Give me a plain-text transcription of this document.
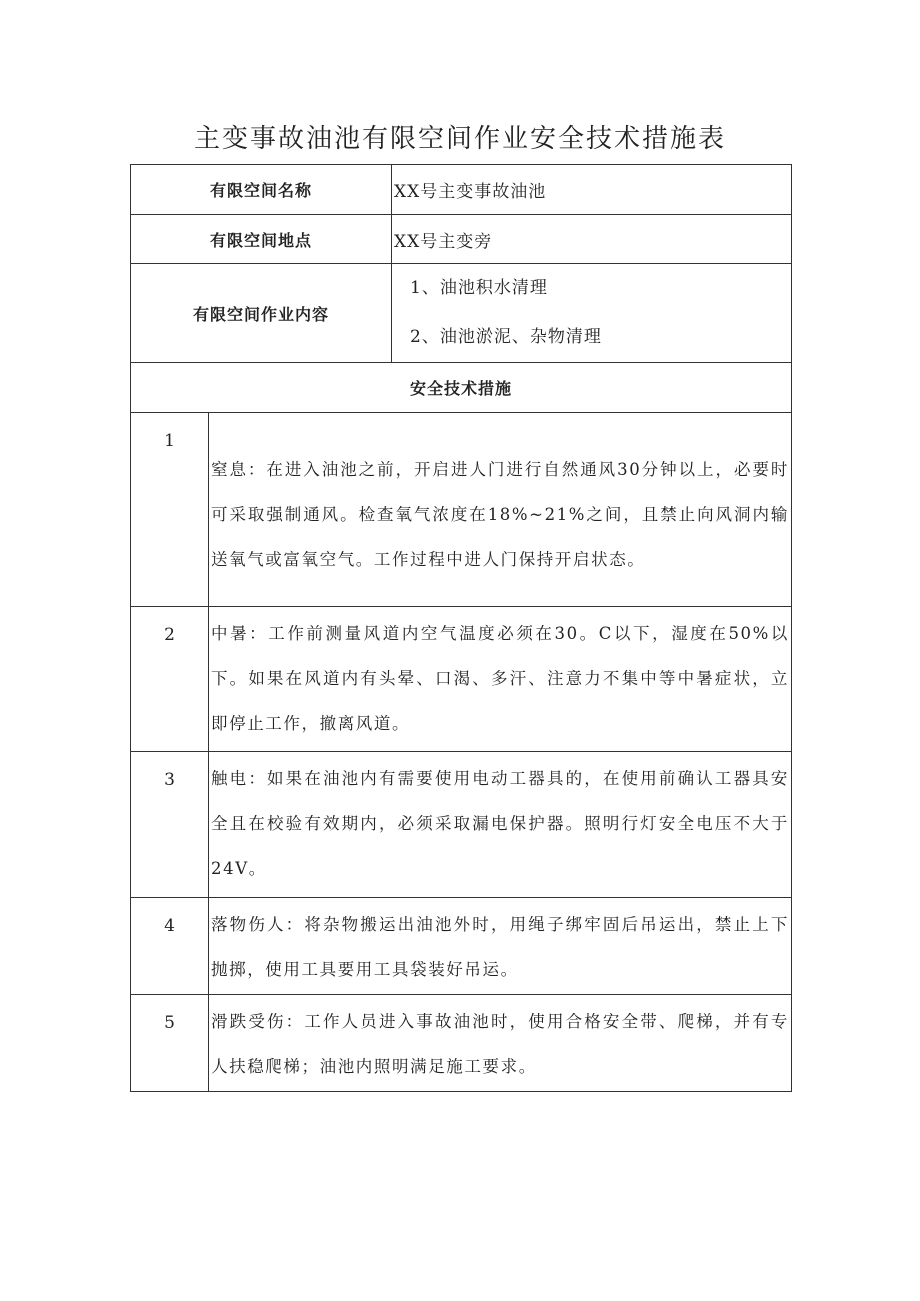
主变事故油池有限空间作业安全技术措施表
有限空间名称		XX号主变事故油池
有限空间地点		XX号主变旁
有限空间作业内容		1、油池积水清理
2、油池淤泥、杂物清理

安全技术措施		
1	窒息：在进入油池之前，开启进人门进行自然通风30分钟以上，必要时可采取强制通风。检查氧气浓度在18%~21%之间，且禁止向风洞内输送氧气或富氧空气。工作过程中进人门保持开启状态。	
2	中暑：工作前测量风道内空气温度必须在30。C以下，湿度在50%以下。如果在风道内有头晕、口渴、多汗、注意力不集中等中暑症状，立即停止工作，撤离风道。	
3	触电：如果在油池内有需要使用电动工器具的，在使用前确认工器具安全且在校验有效期内，必须采取漏电保护器。照明行灯安全电压不大于24V。	
4	落物伤人：将杂物搬运出油池外时，用绳子绑牢固后吊运出，禁止上下抛掷，使用工具要用工具袋装好吊运。	
5	滑跌受伤：工作人员进入事故油池时，使用合格安全带、爬梯，并有专人扶稳爬梯；油池内照明满足施工要求。	
